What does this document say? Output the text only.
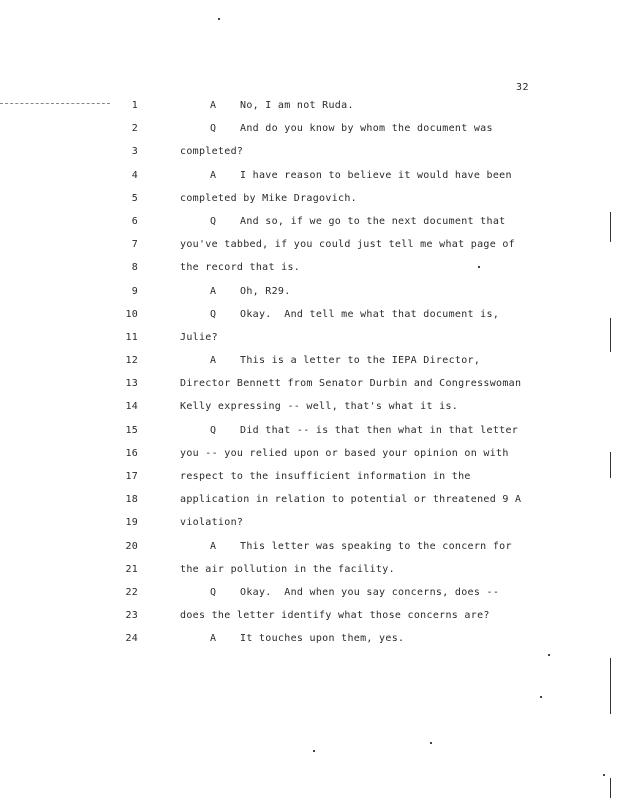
32
1
2
3
4
5
6
7
8
9
10
11
12
13
14
15
16
17
18
19
20
21
22
23
24
A No, I am not Ruda.
Q And do you know by whom the document was
completed?
A I have reason to believe it would have been
completed by Mike Dragovich.
Q And so, if we go to the next document that
you've tabbed, if you could just tell me what page of
the record that is.
A Oh, R29.
Q Okay.  And tell me what that document is,
Julie?
A This is a letter to the IEPA Director,
Director Bennett from Senator Durbin and Congresswoman
Kelly expressing -- well, that's what it is.
Q Did that -- is that then what in that letter
you -- you relied upon or based your opinion on with
respect to the insufficient information in the
application in relation to potential or threatened 9 A
violation?
A This letter was speaking to the concern for
the air pollution in the facility.
Q Okay.  And when you say concerns, does --
does the letter identify what those concerns are?
A It touches upon them, yes.
